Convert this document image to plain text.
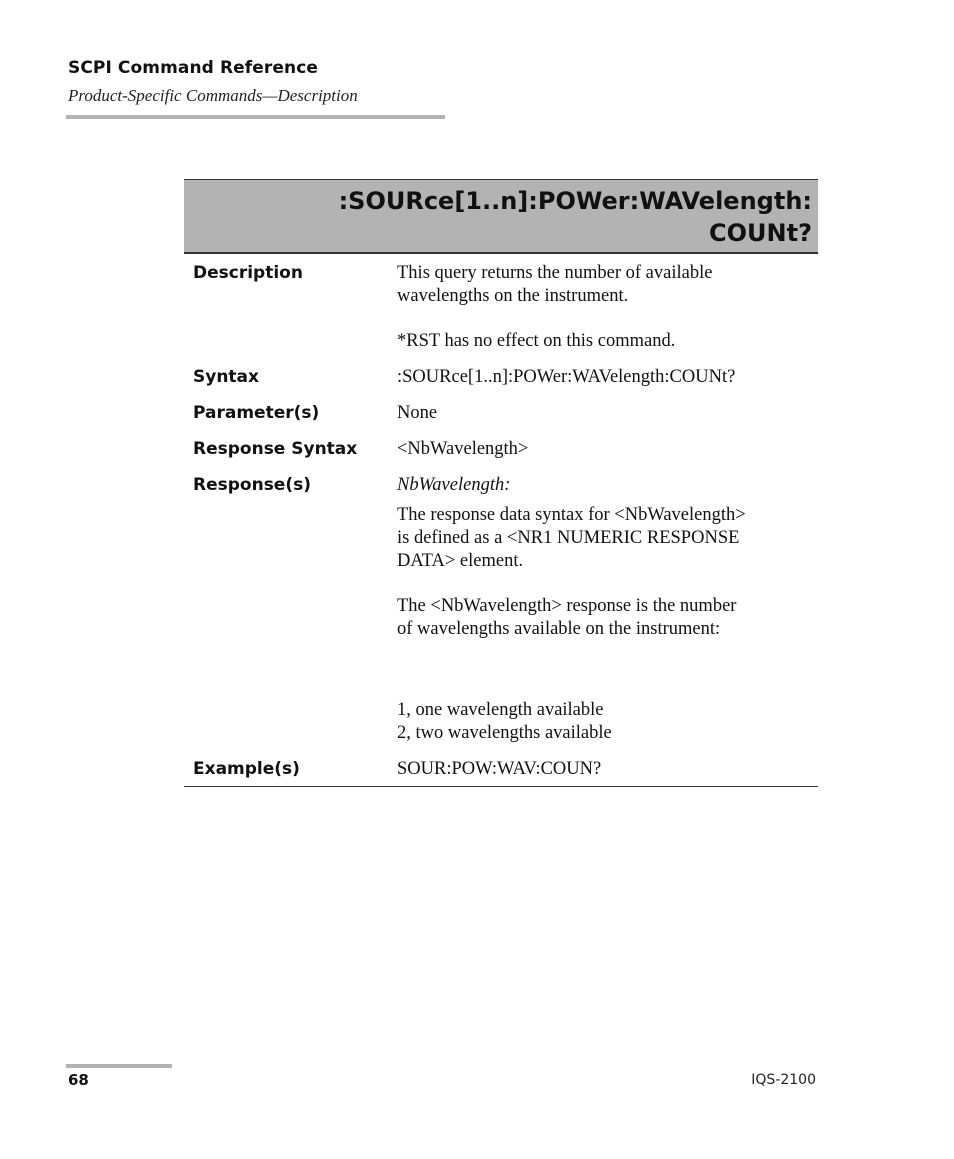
SCPI Command Reference
Product-Specific Commands—Description
:SOURce[1..n]:POWer:WAVelength:
COUNt?
Description	This query returns the number of available

wavelengths on the instrument.

*RST has no effect on this command.

Syntax	:SOURce[1..n]:POWer:WAVelength:COUNt?
Parameter(s)	None
Response Syntax <NbWavelength>
Response(s)	NbWavelength:

The response data syntax for <NbWavelength>

is defined as a <NR1 NUMERIC RESPONSE

DATA> element.

The <NbWavelength> response is the number

of wavelengths available on the instrument:

1, one wavelength available

2, two wavelengths available

Example(s)	SOUR:POW:WAV:COUN?
68	IQS-2100
